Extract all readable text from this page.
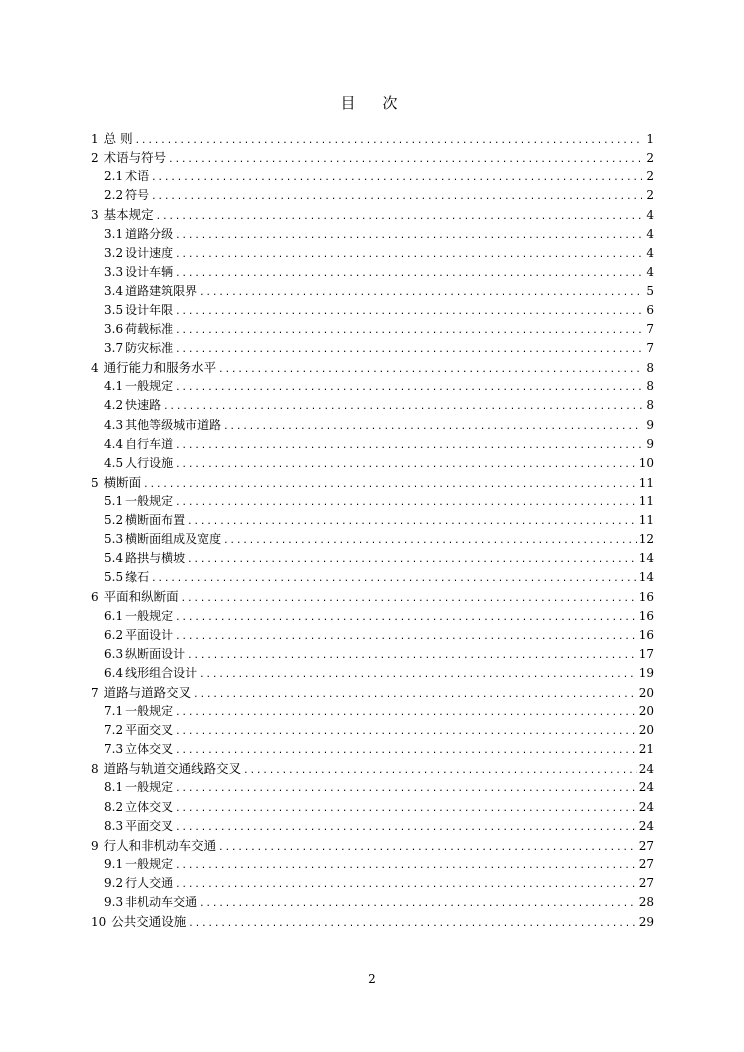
目　次
1 总 则 .....	1
2 术语与符号 .....	2
2.1 术语 .....	2
2.2 符号 .....	2
3 基本规定 .....	4
3.1 道路分级 .....	4
3.2 设计速度 .....	4
3.3 设计车辆 .....	4
3.4 道路建筑限界 .....	5
3.5 设计年限 .....	6
3.6 荷载标准 .....	7
3.7 防灾标准 .....	7
4 通行能力和服务水平 .....	8
4.1 一般规定 .....	8
4.2 快速路 .....	8
4.3 其他等级城市道路 .....	9
4.4 自行车道 .....	9
4.5 人行设施 .....	10
5 横断面 .....	11
5.1 一般规定 .....	11
5.2 横断面布置 .....	11
5.3 横断面组成及宽度 .....	12
5.4 路拱与横坡 .....	14
5.5 缘石 .....	14
6 平面和纵断面 .....	16
6.1 一般规定 .....	16
6.2 平面设计 .....	16
6.3 纵断面设计 .....	17
6.4 线形组合设计 .....	19
7 道路与道路交叉 .....	20
7.1 一般规定 .....	20
7.2 平面交叉 .....	20
7.3 立体交叉 .....	21
8 道路与轨道交通线路交叉 .....	24
8.1 一般规定 .....	24
8.2 立体交叉 .....	24
8.3 平面交叉 .....	24
9 行人和非机动车交通 .....	27
9.1 一般规定 .....	27
9.2 行人交通 .....	27
9.3 非机动车交通 .....	28
10 公共交通设施 .....	29
2
